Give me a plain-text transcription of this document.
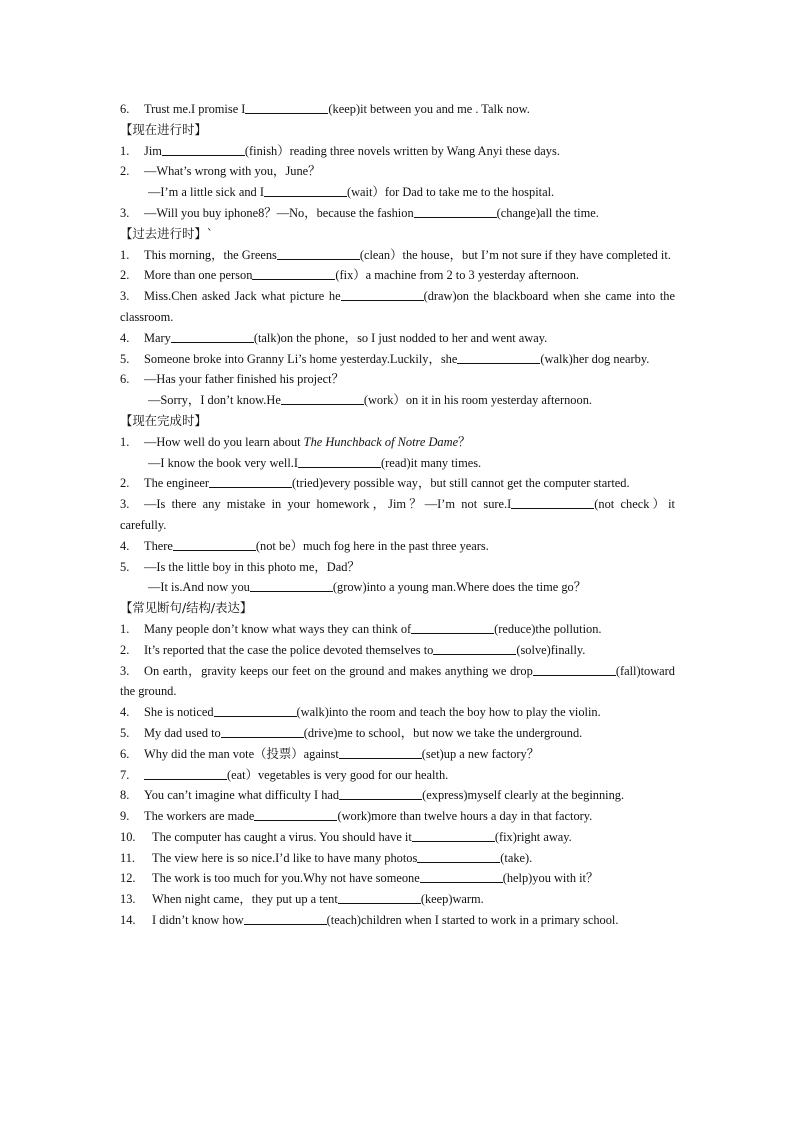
6. Trust me.I promise I	(keep)it between you and me . Talk now.
【现在进行时】
1. Jim	(finish）reading three novels written by Wang Anyi these days.
2. —What’s wrong with you，June？
—I’m a little sick and I	(wait）for Dad to take me to the hospital.
3. —Will you buy iphone8？—No，because the fashion	(change)all the time.
【过去进行时】`
1. This morning，the Greens	(clean）the house，but I’m not sure if they have completed it.
2. More than one person	(fix）a machine from 2 to 3 yesterday afternoon.
3. Miss.Chen asked Jack what picture he	(draw)on the blackboard when she came into the classroom.
4. Mary	(talk)on the phone，so I just nodded to her and went away.
5. Someone broke into Granny Li’s home yesterday.Luckily，she	(walk)her dog nearby.
6. —Has your father finished his project？
—Sorry，I don’t know.He	(work）on it in his room yesterday afternoon.
【现在完成时】
1. —How well do you learn about The Hunchback of Notre Dame？
—I know the book very well.I	(read)it many times.
2. The engineer	(tried)every possible way，but still cannot get the computer started.
3. —Is there any mistake in your homework，Jim？—I’m not sure.I	(not check）it carefully.
4. There	(not be）much fog here in the past three years.
5. —Is the little boy in this photo me，Dad？
—It is.And now you	(grow)into a young man.Where does the time go？
【常见断句/结构/表达】
1. Many people don’t know what ways they can think of	(reduce)the pollution.
2. It’s reported that the case the police devoted themselves to	(solve)finally.
3. On earth，gravity keeps our feet on the ground and makes anything we drop	(fall)toward the ground.
4. She is noticed	(walk)into the room and teach the boy how to play the violin.
5. My dad used to	(drive)me to school，but now we take the underground.
6. Why did the man vote（投票）against	(set)up a new factory？
7.	(eat）vegetables is very good for our health.
8. You can’t imagine what difficulty I had	(express)myself clearly at the beginning.
9. The workers are made	(work)more than twelve hours a day in that factory.
10. The computer has caught a virus. You should have it	(fix)right away.
11. The view here is so nice.I’d like to have many photos	(take).
12. The work is too much for you.Why not have someone	(help)you with it？
13. When night came，they put up a tent	(keep)warm.
14. I didn’t know how	(teach)children when I started to work in a primary school.
